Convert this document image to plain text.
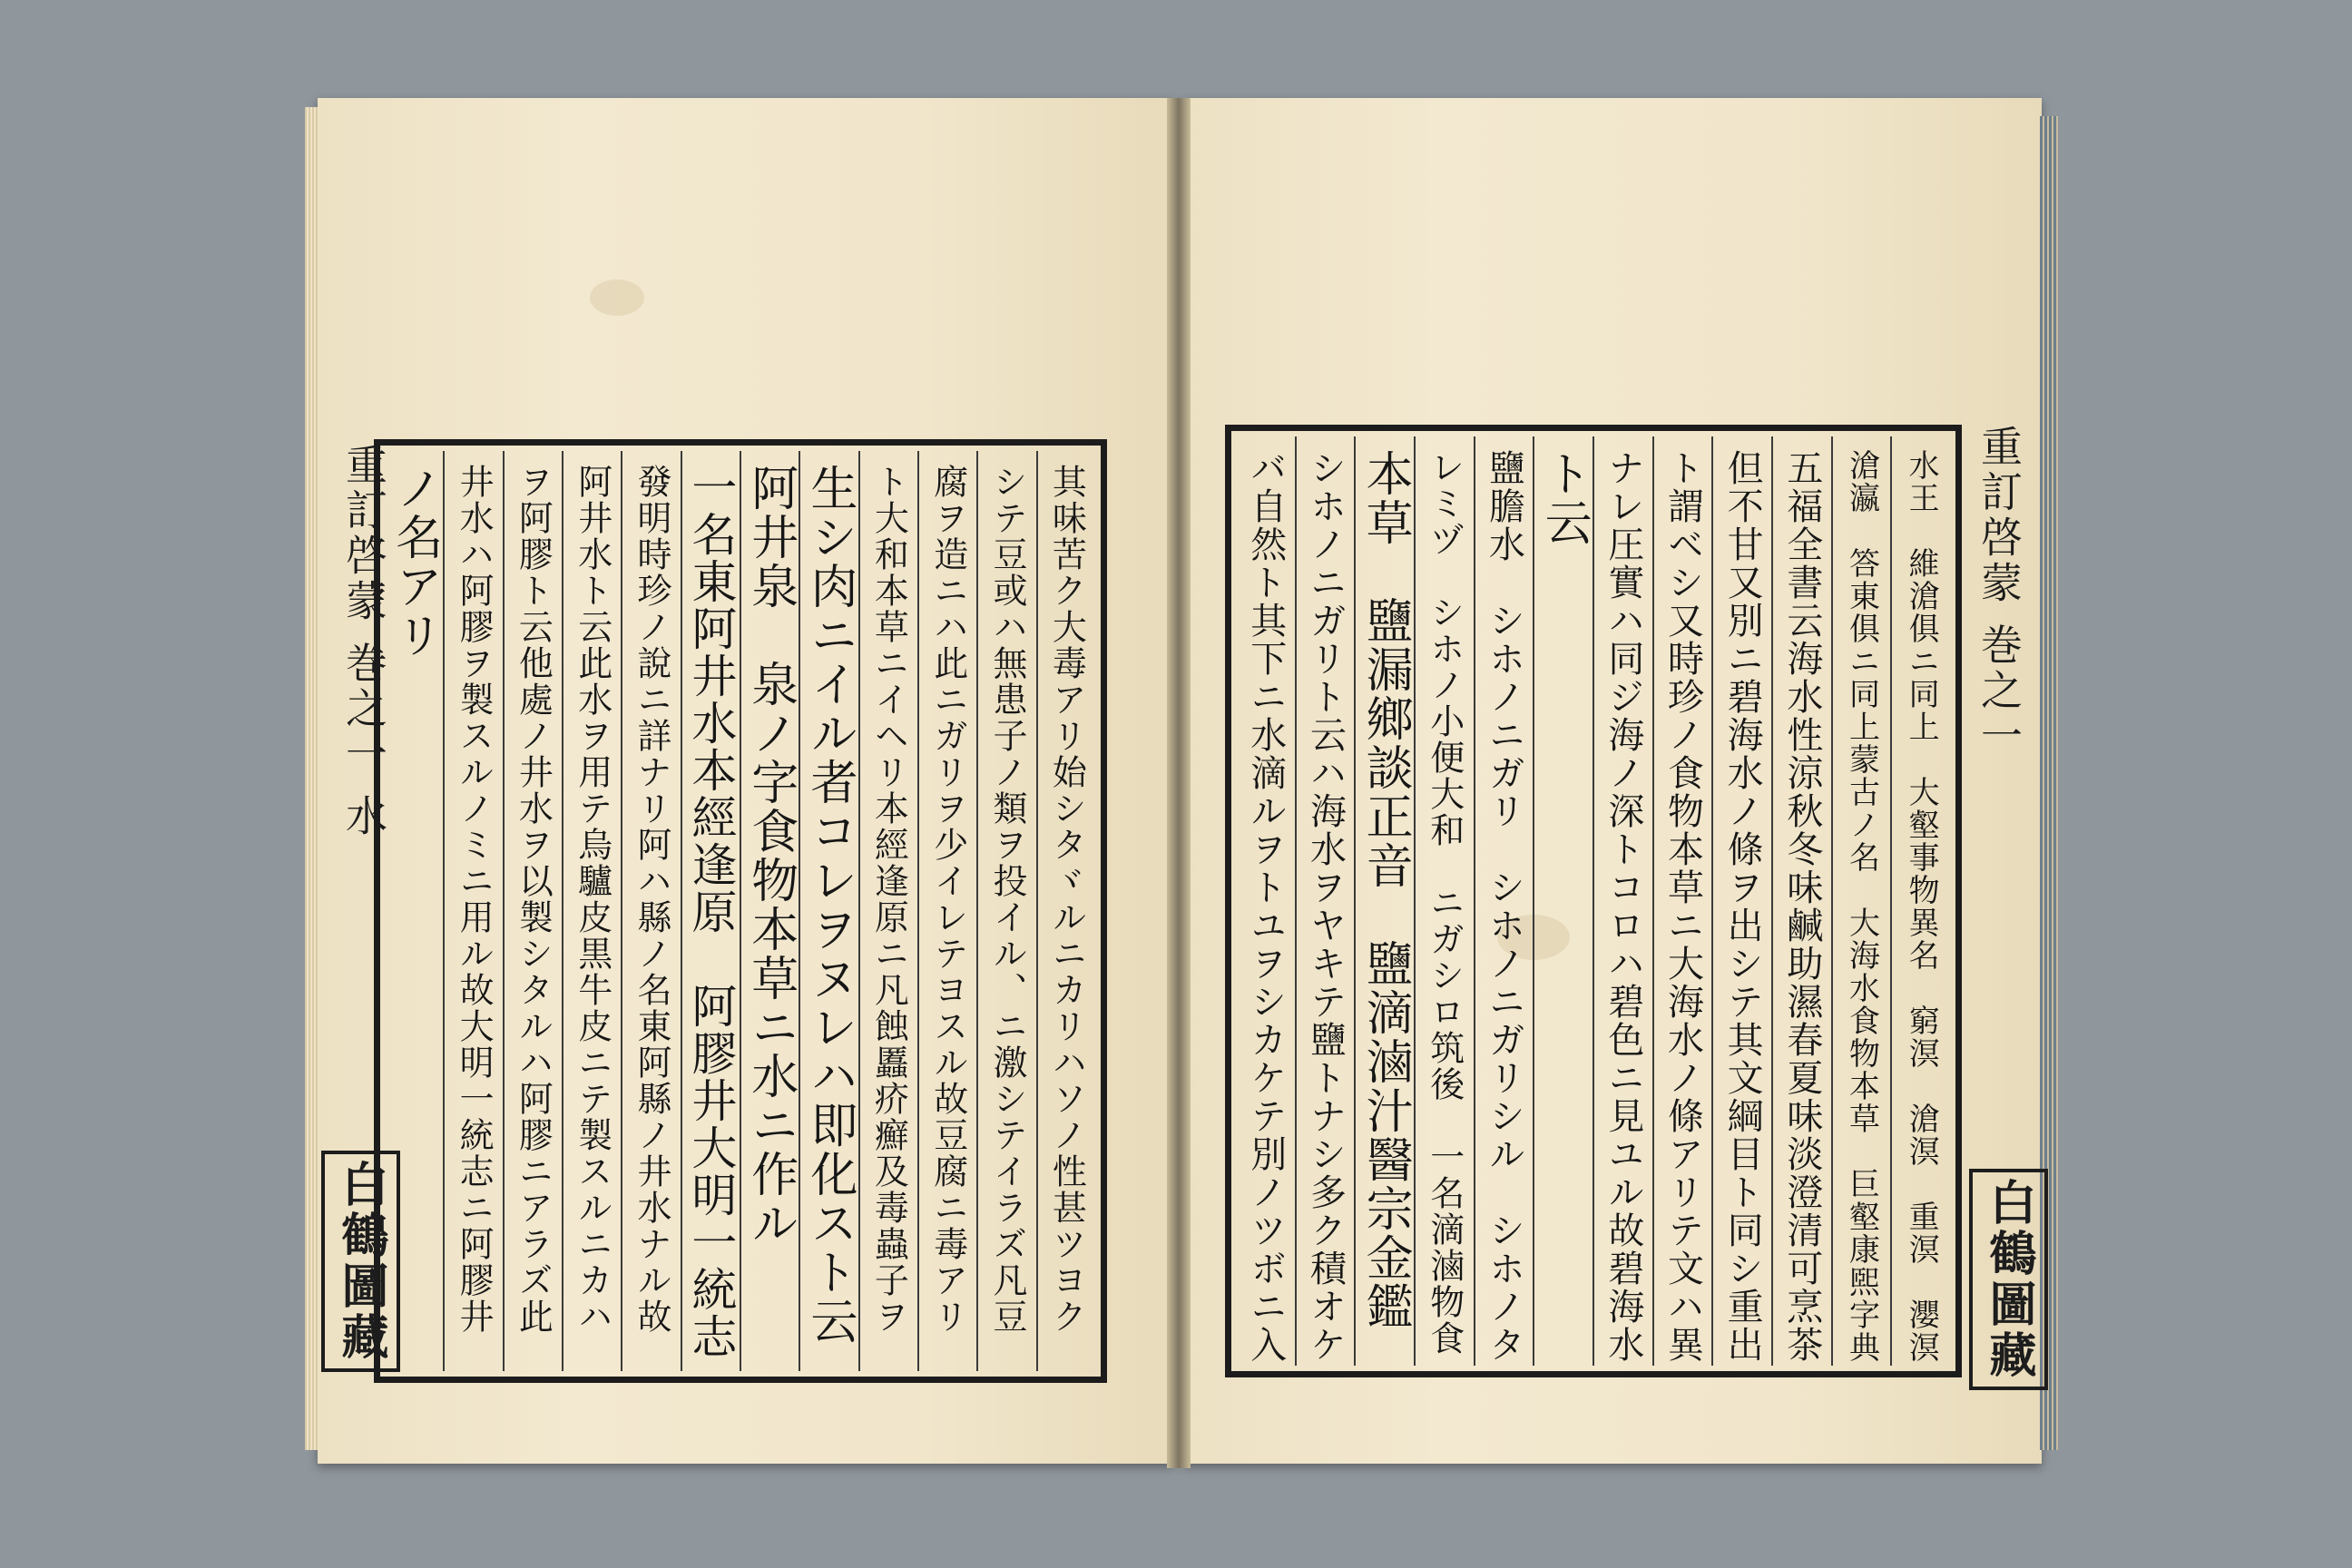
重訂啓蒙 巻之一 水
白鶴圖藏	其味苦ク大毒アリ始シタヾルニカリハソノ性甚ツヨク
シテ豆或ハ無患子ノ類ヲ投イル、ニ激シテイラズ凡豆
腐ヲ造ニハ此ニガリヲ少イレテヨスル故豆腐ニ毒アリ
ト大和本草ニイヘリ本經逢原ニ凡蝕䘌疥癬及毒蟲子ヲ
生シ肉ニイル者コレヲヌレハ即化スト云
阿井泉　泉ノ字食物本草ニ水ニ作ル
一名東阿井水本經逢原　阿膠井大明一統志
發明時珍ノ說ニ詳ナリ阿ハ縣ノ名東阿縣ノ井水ナル故
阿井水ト云此水ヲ用テ烏驢皮黒牛皮ニテ製スルニカハ
ヲ阿膠ト云他處ノ井水ヲ以製シタルハ阿膠ニアラズ此
井水ハ阿膠ヲ製スルノミニ用ル故大明一統志ニ阿膠井
ノ名アリ	重訂啓蒙 巻之一
白鶴圖藏
水王　維滄俱ニ同上　大壑事物異名　窮溟　滄溟　重溟　瀴溟
滄瀛　答東俱ニ同上蒙古ノ名　大海水食物本草　巨壑康煕字典
五福全書云海水性涼秋冬味鹹助濕春夏味淡澄清可烹茶
但不甘又別ニ碧海水ノ條ヲ出シテ其文綱目ト同シ重出
ト謂ベシ又時珍ノ食物本草ニ大海水ノ條アリテ文ハ異
ナレ圧實ハ同ジ海ノ深トコロハ碧色ニ見ユル故碧海水
ト云
鹽膽水　シホノニガリ　シホノニガリシル　シホノタ
レミヅ　シホノ小便大和　ニガシロ筑後　一名滴滷物食
本草　鹽漏鄉談正音　鹽滴滷汁醫宗金鑑
シホノニガリト云ハ海水ヲヤキテ鹽トナシ多ク積オケ
バ自然ト其下ニ水滴ルヲトユヲシカケテ別ノツボニ入
